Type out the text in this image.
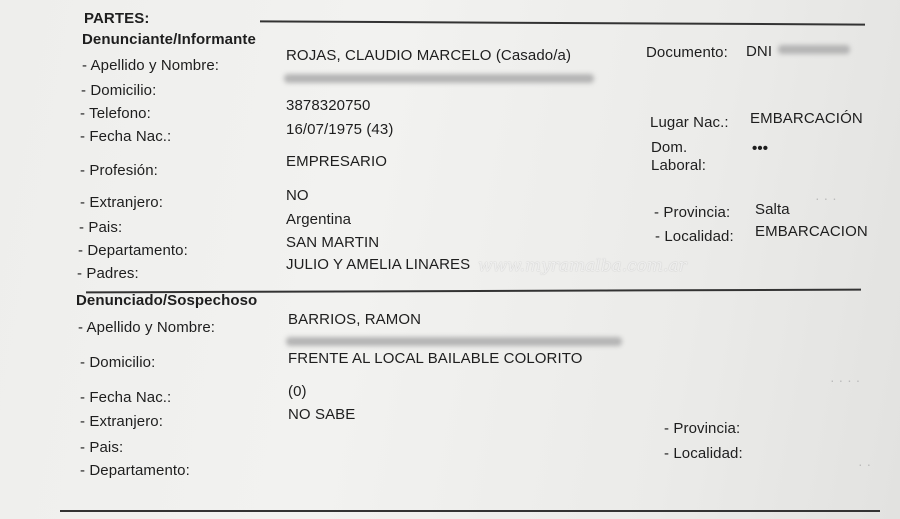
PARTES:
Denunciante/Informante
- Apellido y Nombre:
- Domicilio:
- Telefono:
- Fecha Nac.:
- Profesión:
- Extranjero:
- Pais:
- Departamento:
- Padres:
ROJAS, CLAUDIO MARCELO (Casado/a)
3878320750
16/07/1975 (43)
EMPRESARIO
NO
Argentina
SAN MARTIN
JULIO Y AMELIA LINARES
Documento: DNI
Lugar Nac.: EMBARCACIÓN
Dom.
Laboral:
•••
- Provincia: Salta
· · ·
- Localidad: EMBARCACION
www.myramalba.com.ar
Denunciado/Sospechoso
- Apellido y Nombre:
- Domicilio:
- Fecha Nac.:
- Extranjero:
- Pais:
- Departamento:
BARRIOS, RAMON
FRENTE AL LOCAL BAILABLE COLORITO
(0)
NO SABE
- Provincia:
- Localidad:
· · · ·
· ·
